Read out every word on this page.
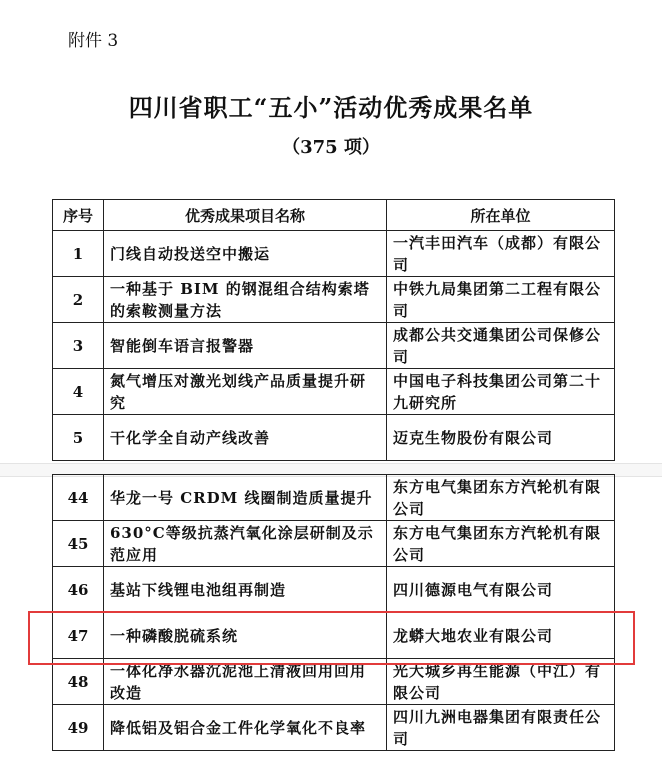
附件 3
四川省职工“五小”活动优秀成果名单
（375 项）
序号	优秀成果项目名称	所在单位
1	门线自动投送空中搬运	一汽丰田汽车（成都）有限公司
2	一种基于 BIM 的钢混组合结构索塔的索鞍测量方法	中铁九局集团第二工程有限公司
3	智能倒车语言报警器	成都公共交通集团公司保修公司
4	氮气增压对激光划线产品质量提升研究	中国电子科技集团公司第二十九研究所
5	干化学全自动产线改善	迈克生物股份有限公司
44	华龙一号 CRDM 线圈制造质量提升	东方电气集团东方汽轮机有限公司
45	630°C等级抗蒸汽氧化涂层研制及示范应用	东方电气集团东方汽轮机有限公司
46	基站下线锂电池组再制造	四川德源电气有限公司
47	一种磷酸脱硫系统	龙蟒大地农业有限公司
48	一体化净水器沉泥池上清液回用回用改造	光大城乡再生能源（中江）有限公司
49	降低铝及铝合金工件化学氧化不良率	四川九洲电器集团有限责任公司
